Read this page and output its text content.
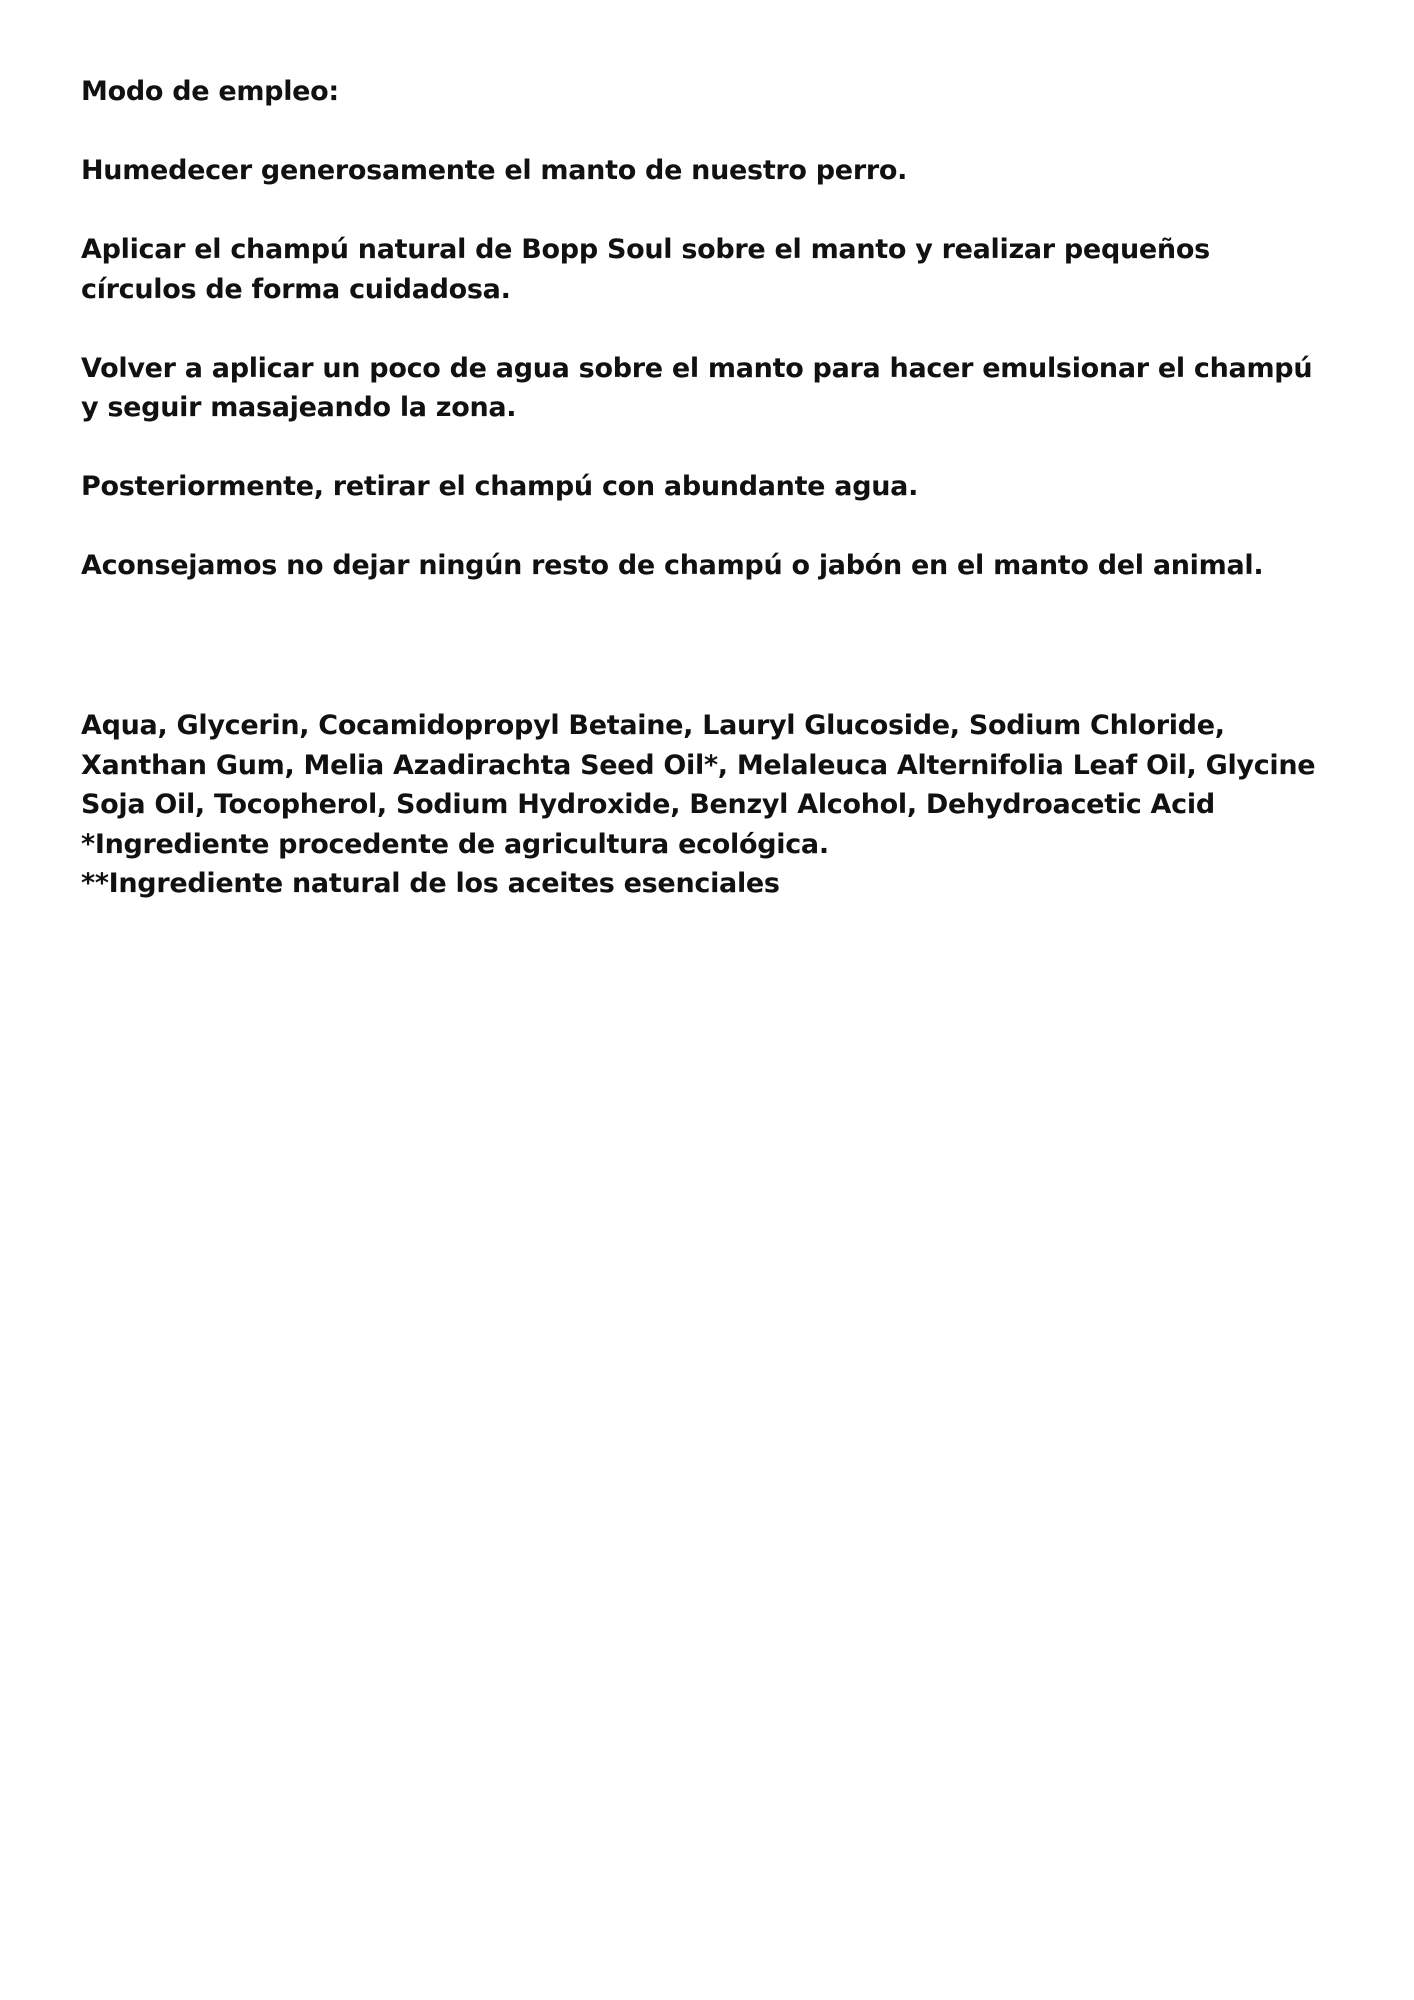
Modo de empleo:

Humedecer generosamente el manto de nuestro perro.

Aplicar el champú natural de Bopp Soul sobre el manto y realizar pequeños círculos de forma cuidadosa.

Volver a aplicar un poco de agua sobre el manto para hacer emulsionar el champú y seguir masajeando la zona.

Posteriormente, retirar el champú con abundante agua.

Aconsejamos no dejar ningún resto de champú o jabón en el manto del animal.

Aqua, Glycerin, Cocamidopropyl Betaine, Lauryl Glucoside, Sodium Chloride, Xanthan Gum, Melia Azadirachta Seed Oil*, Melaleuca Alternifolia Leaf Oil, Glycine Soja Oil, Tocopherol, Sodium Hydroxide, Benzyl Alcohol, Dehydroacetic Acid *Ingrediente procedente de agricultura ecológica.

**Ingrediente natural de los aceites esenciales
